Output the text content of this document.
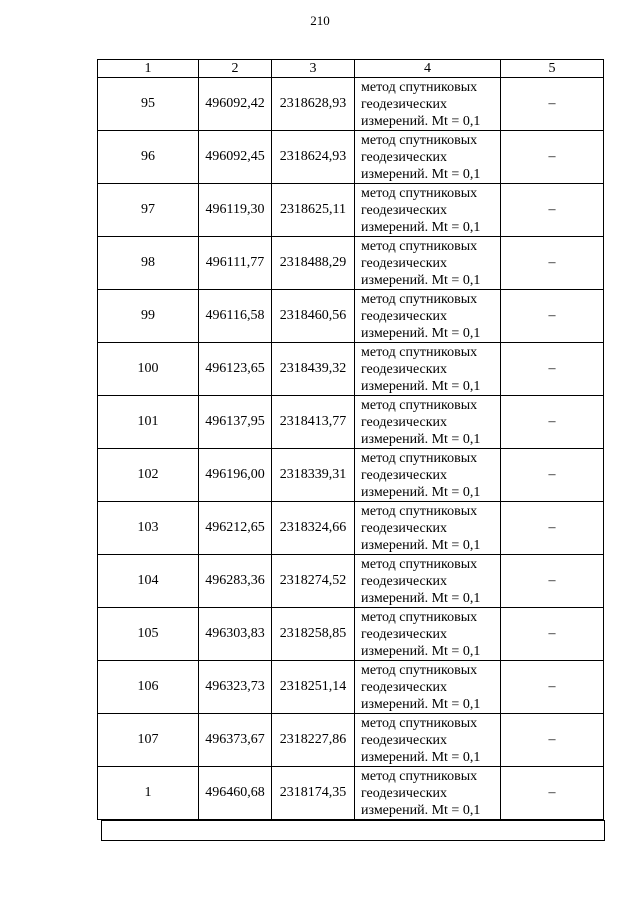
210
1	2	3	4	5
95	496092,42	2318628,93	метод спутниковых
геодезических
измерений. Mt = 0,1	–
96	496092,45	2318624,93	метод спутниковых
геодезических
измерений. Mt = 0,1	–
97	496119,30	2318625,11	метод спутниковых
геодезических
измерений. Mt = 0,1	–
98	496111,77	2318488,29	метод спутниковых
геодезических
измерений. Mt = 0,1	–
99	496116,58	2318460,56	метод спутниковых
геодезических
измерений. Mt = 0,1	–
100	496123,65	2318439,32	метод спутниковых
геодезических
измерений. Mt = 0,1	–
101	496137,95	2318413,77	метод спутниковых
геодезических
измерений. Mt = 0,1	–
102	496196,00	2318339,31	метод спутниковых
геодезических
измерений. Mt = 0,1	–
103	496212,65	2318324,66	метод спутниковых
геодезических
измерений. Mt = 0,1	–
104	496283,36	2318274,52	метод спутниковых
геодезических
измерений. Mt = 0,1	–
105	496303,83	2318258,85	метод спутниковых
геодезических
измерений. Mt = 0,1	–
106	496323,73	2318251,14	метод спутниковых
геодезических
измерений. Mt = 0,1	–
107	496373,67	2318227,86	метод спутниковых
геодезических
измерений. Mt = 0,1	–
1	496460,68	2318174,35	метод спутниковых
геодезических
измерений. Mt = 0,1	–
